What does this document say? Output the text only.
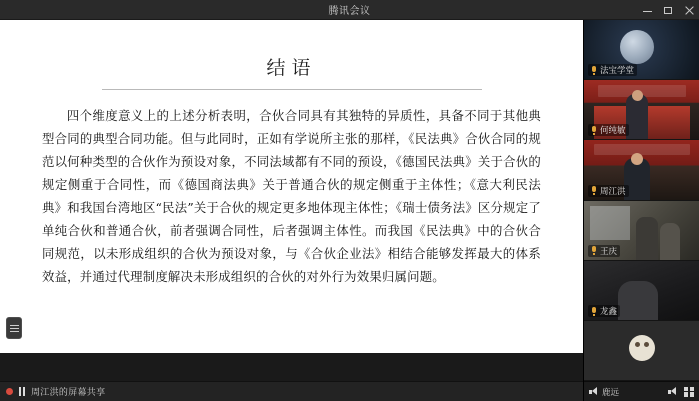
腾讯会议
结语
四个维度意义上的上述分析表明，合伙合同具有其独特的异质性，具备不同于其他典型合同的典型合同功能。但与此同时，正如有学说所主张的那样，《民法典》合伙合同的规范以何种类型的合伙作为预设对象，不同法域都有不同的预设，《德国民法典》关于合伙的规定侧重于合同性，而《德国商法典》关于普通合伙的规定侧重于主体性；《意大利民法典》和我国台湾地区“民法”关于合伙的规定更多地体现主体性；《瑞士债务法》区分规定了单纯合伙和普通合伙，前者强调合同性，后者强调主体性。而我国《民法典》中的合伙合同规范，以未形成组织的合伙为预设对象，与《合伙企业法》相结合能够发挥最大的体系效益，并通过代理制度解决未形成组织的合伙的对外行为效果归属问题。
周江洪的屏幕共享
法宝学堂
何纯敏
周江洪
王庆
龙鑫
鹿远
